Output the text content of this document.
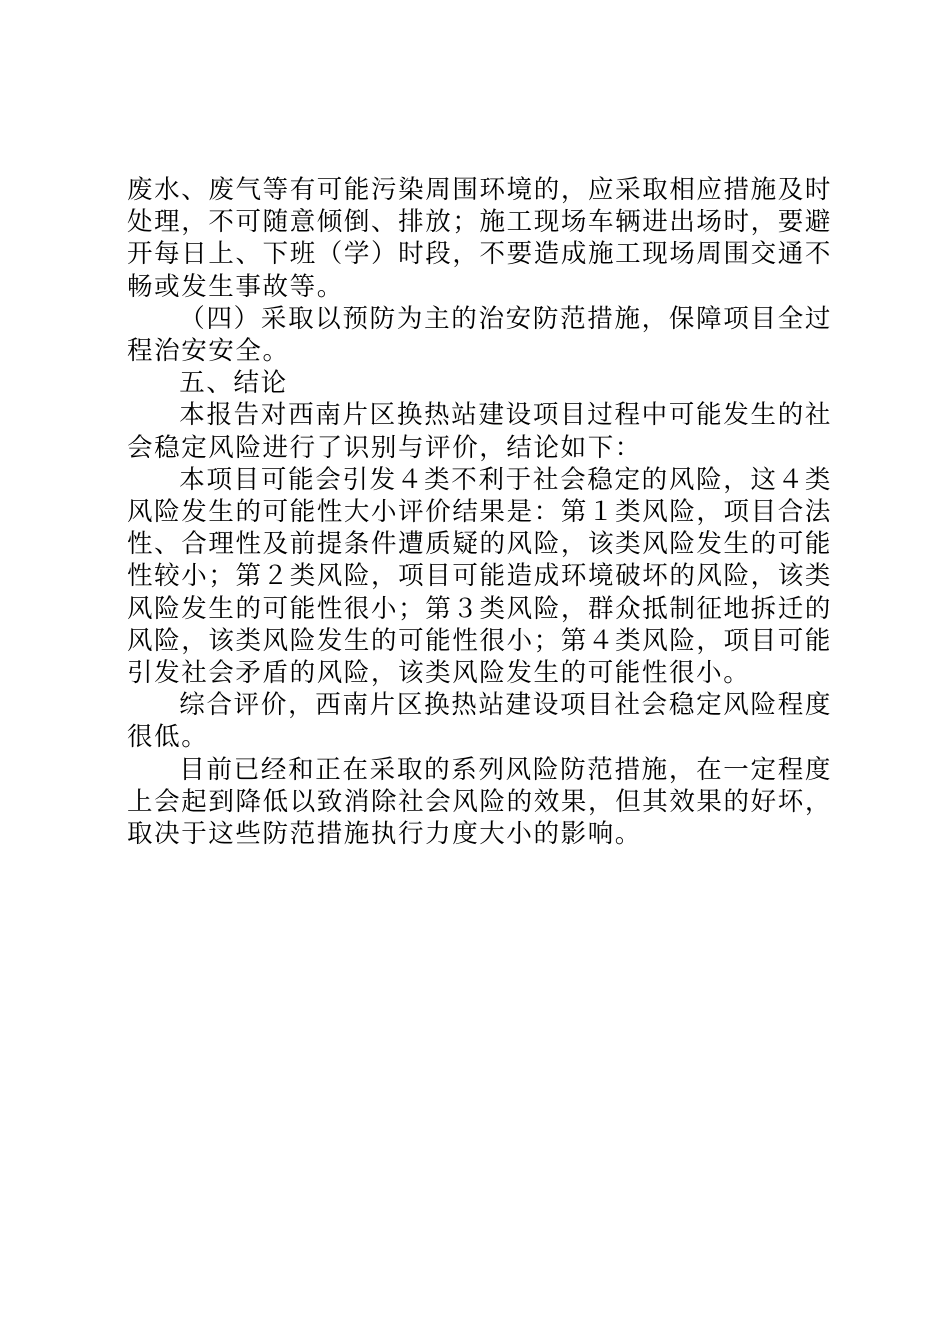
废水、废气等有可能污染周围环境的，应采取相应措施及时处理，不可随意倾倒、排放；施工现场车辆进出场时，要避开每日上、下班（学）时段，不要造成施工现场周围交通不畅或发生事故等。

（四）采取以预防为主的治安防范措施，保障项目全过程治安安全。

五、结论

本报告对西南片区换热站建设项目过程中可能发生的社会稳定风险进行了识别与评价，结论如下：

本项目可能会引发４类不利于社会稳定的风险，这４类风险发生的可能性大小评价结果是：第１类风险，项目合法性、合理性及前提条件遭质疑的风险，该类风险发生的可能性较小；第２类风险，项目可能造成环境破坏的风险，该类风险发生的可能性很小；第３类风险，群众抵制征地拆迁的风险，该类风险发生的可能性很小；第４类风险，项目可能引发社会矛盾的风险，该类风险发生的可能性很小。

综合评价，西南片区换热站建设项目社会稳定风险程度很低。

目前已经和正在采取的系列风险防范措施，在一定程度上会起到降低以致消除社会风险的效果，但其效果的好坏，取决于这些防范措施执行力度大小的影响。
